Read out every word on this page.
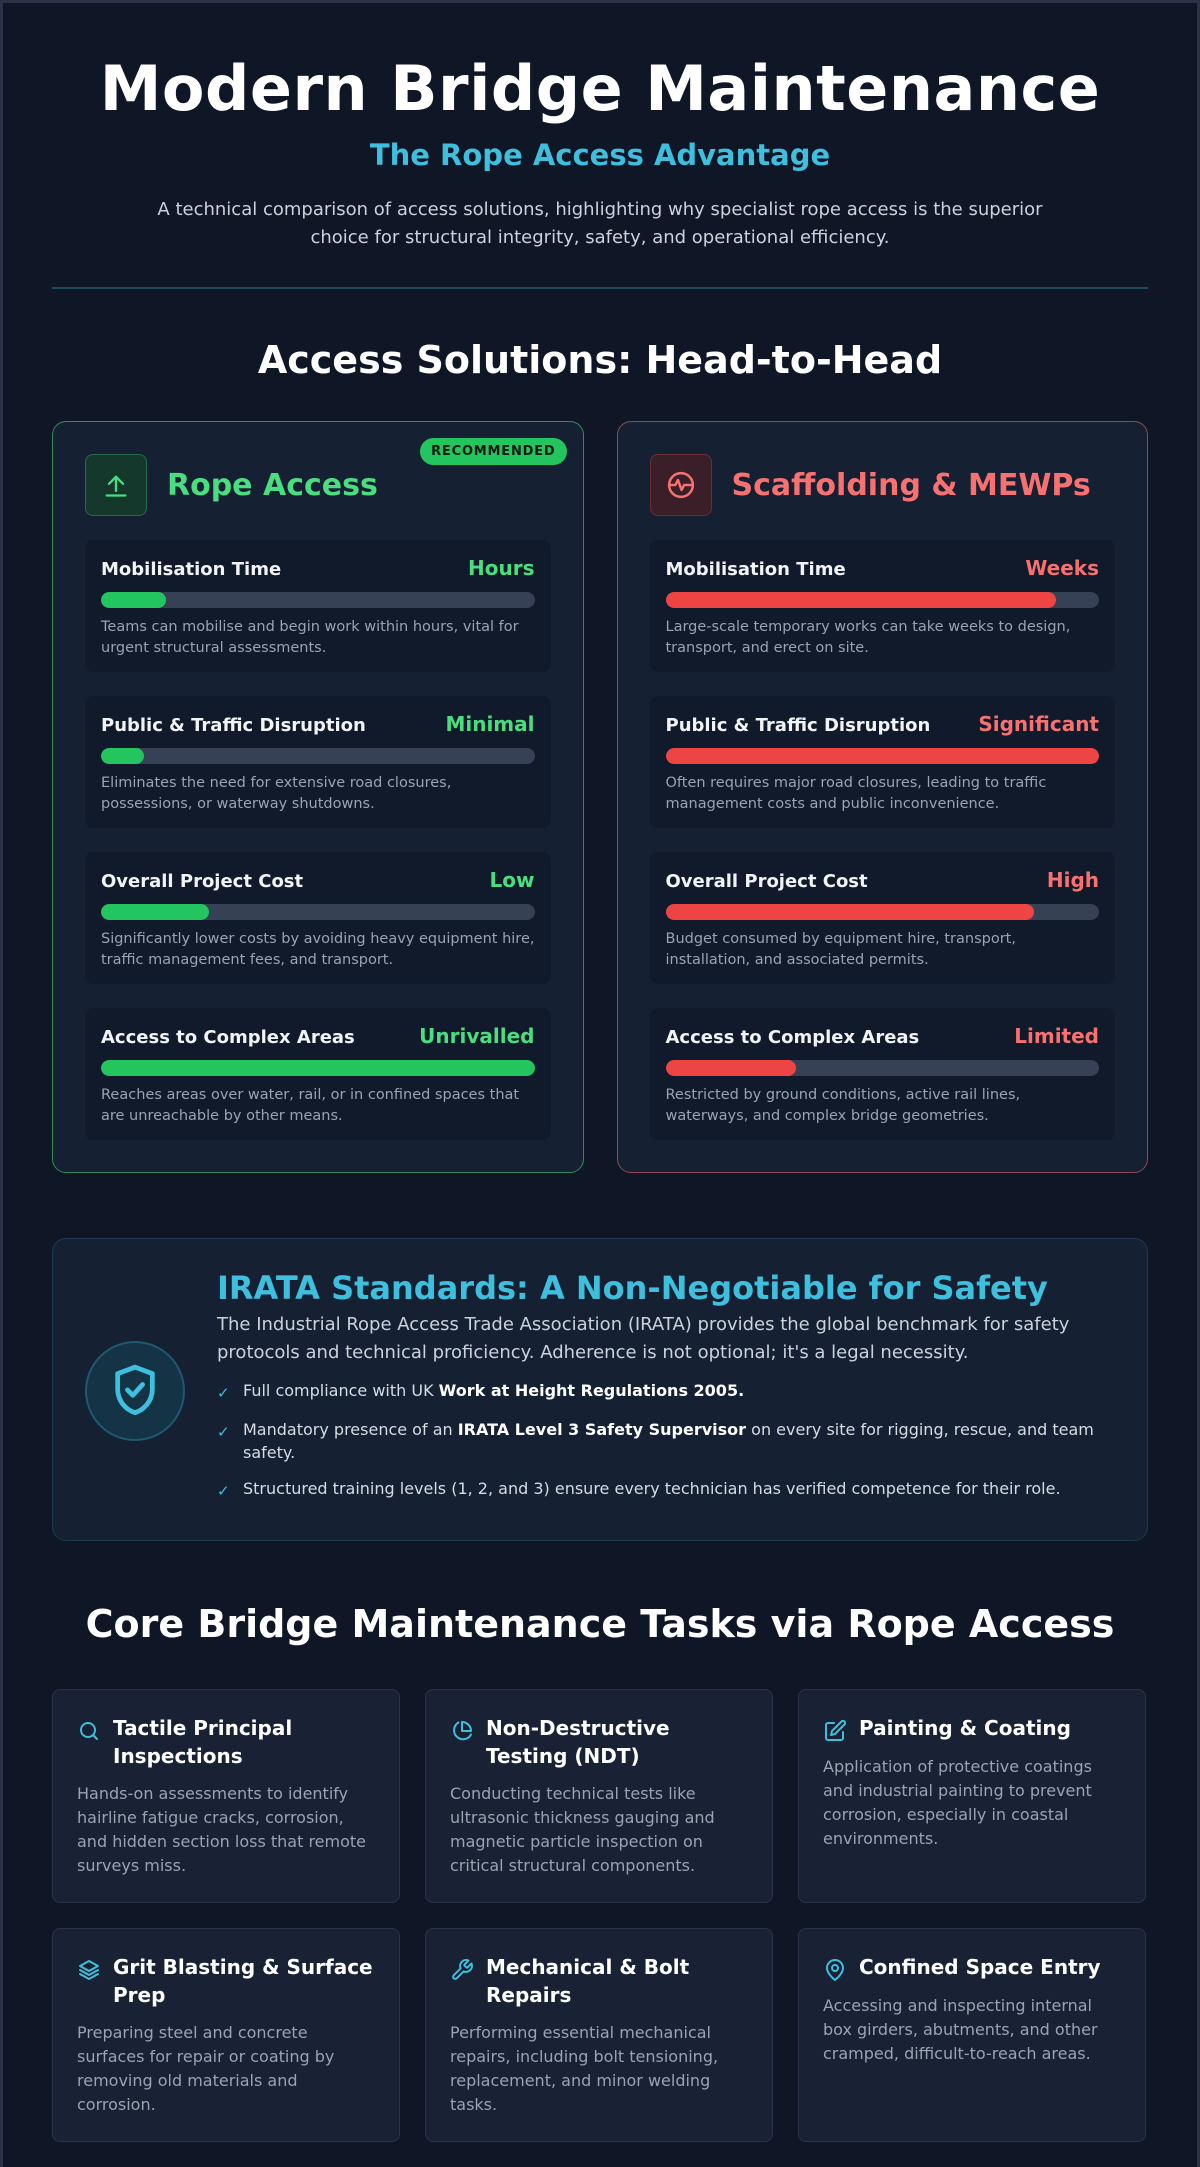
Modern Bridge Maintenance
The Rope Access Advantage

A technical comparison of access solutions, highlighting why specialist rope access is the superior choice for structural integrity, safety, and operational efficiency.

Access Solutions: Head-to-Head
RECOMMENDED
Rope Access
Mobilisation Time	Hours

Teams can mobilise and begin work within hours, vital for urgent structural assessments.

Public & Traffic Disruption	Minimal

Eliminates the need for extensive road closures, possessions, or waterway shutdowns.

Overall Project Cost	Low

Significantly lower costs by avoiding heavy equipment hire, traffic management fees, and transport.

Access to Complex Areas	Unrivalled

Reaches areas over water, rail, or in confined spaces that are unreachable by other means.

Scaffolding & MEWPs
Mobilisation Time	Weeks

Large-scale temporary works can take weeks to design, transport, and erect on site.

Public & Traffic Disruption Significant

Often requires major road closures, leading to traffic management costs and public inconvenience.

Overall Project Cost	High

Budget consumed by equipment hire, transport, installation, and associated permits.

Access to Complex Areas	Limited

Restricted by ground conditions, active rail lines, waterways, and complex bridge geometries.

IRATA Standards: A Non-Negotiable for Safety

The Industrial Rope Access Trade Association (IRATA) provides the global benchmark for safety protocols and technical proficiency. Adherence is not optional; it's a legal necessity.

✓ Full compliance with UK Work at Height Regulations 2005.
✓ Mandatory presence of an IRATA Level 3 Safety Supervisor on every site for rigging, rescue, and team safety.
✓ Structured training levels (1, 2, and 3) ensure every technician has verified competence for their role.
Core Bridge Maintenance Tasks via Rope Access
Tactile Principal Inspections

Hands-on assessments to identify hairline fatigue cracks, corrosion, and hidden section loss that remote surveys miss.

Non-Destructive Testing (NDT)

Conducting technical tests like ultrasonic thickness gauging and magnetic particle inspection on critical structural components.

Painting & Coating

Application of protective coatings and industrial painting to prevent corrosion, especially in coastal environments.

Grit Blasting & Surface Prep

Preparing steel and concrete surfaces for repair or coating by removing old materials and corrosion.

Mechanical & Bolt Repairs

Performing essential mechanical repairs, including bolt tensioning, replacement, and minor welding tasks.

Confined Space Entry

Accessing and inspecting internal box girders, abutments, and other cramped, difficult-to-reach areas.
